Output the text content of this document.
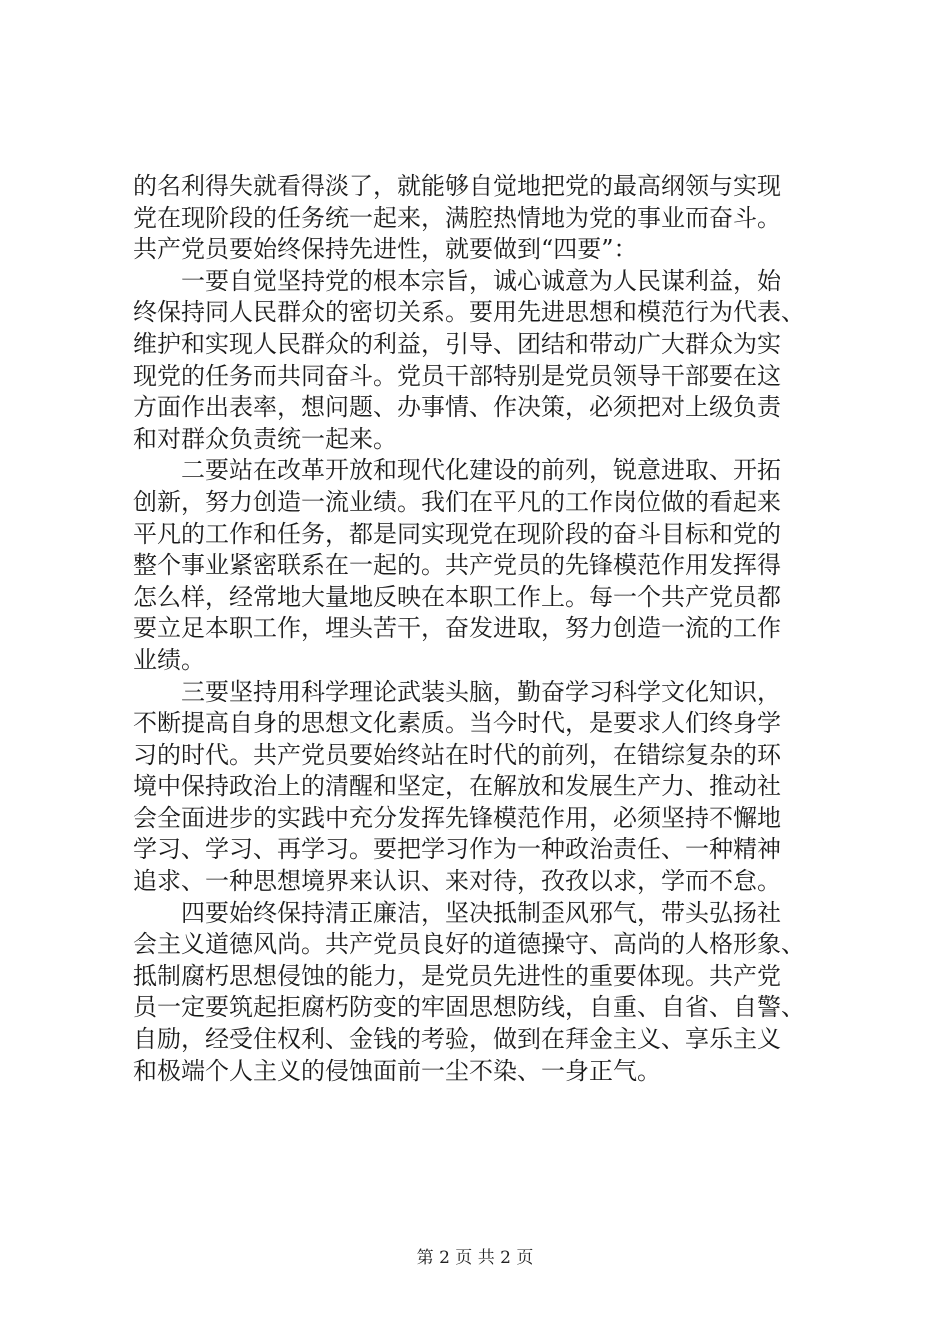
的名利得失就看得淡了，就能够自觉地把党的最高纲领与实现
党在现阶段的任务统一起来，满腔热情地为党的事业而奋斗。
共产党员要始终保持先进性，就要做到“四要”：

　　一要自觉坚持党的根本宗旨，诚心诚意为人民谋利益，始
终保持同人民群众的密切关系。要用先进思想和模范行为代表、
维护和实现人民群众的利益，引导、团结和带动广大群众为实
现党的任务而共同奋斗。党员干部特别是党员领导干部要在这
方面作出表率，想问题、办事情、作决策，必须把对上级负责
和对群众负责统一起来。

　　二要站在改革开放和现代化建设的前列，锐意进取、开拓
创新，努力创造一流业绩。我们在平凡的工作岗位做的看起来
平凡的工作和任务，都是同实现党在现阶段的奋斗目标和党的
整个事业紧密联系在一起的。共产党员的先锋模范作用发挥得
怎么样，经常地大量地反映在本职工作上。每一个共产党员都
要立足本职工作，埋头苦干，奋发进取，努力创造一流的工作
业绩。

　　三要坚持用科学理论武装头脑，勤奋学习科学文化知识，
不断提高自身的思想文化素质。当今时代，是要求人们终身学
习的时代。共产党员要始终站在时代的前列，在错综复杂的环
境中保持政治上的清醒和坚定，在解放和发展生产力、推动社
会全面进步的实践中充分发挥先锋模范作用，必须坚持不懈地
学习、学习、再学习。要把学习作为一种政治责任、一种精神
追求、一种思想境界来认识、来对待，孜孜以求，学而不怠。

　　四要始终保持清正廉洁，坚决抵制歪风邪气，带头弘扬社
会主义道德风尚。共产党员良好的道德操守、高尚的人格形象、
抵制腐朽思想侵蚀的能力，是党员先进性的重要体现。共产党
员一定要筑起拒腐朽防变的牢固思想防线，自重、自省、自警、
自励，经受住权利、金钱的考验，做到在拜金主义、享乐主义
和极端个人主义的侵蚀面前一尘不染、一身正气。

第 2 页 共 2 页
